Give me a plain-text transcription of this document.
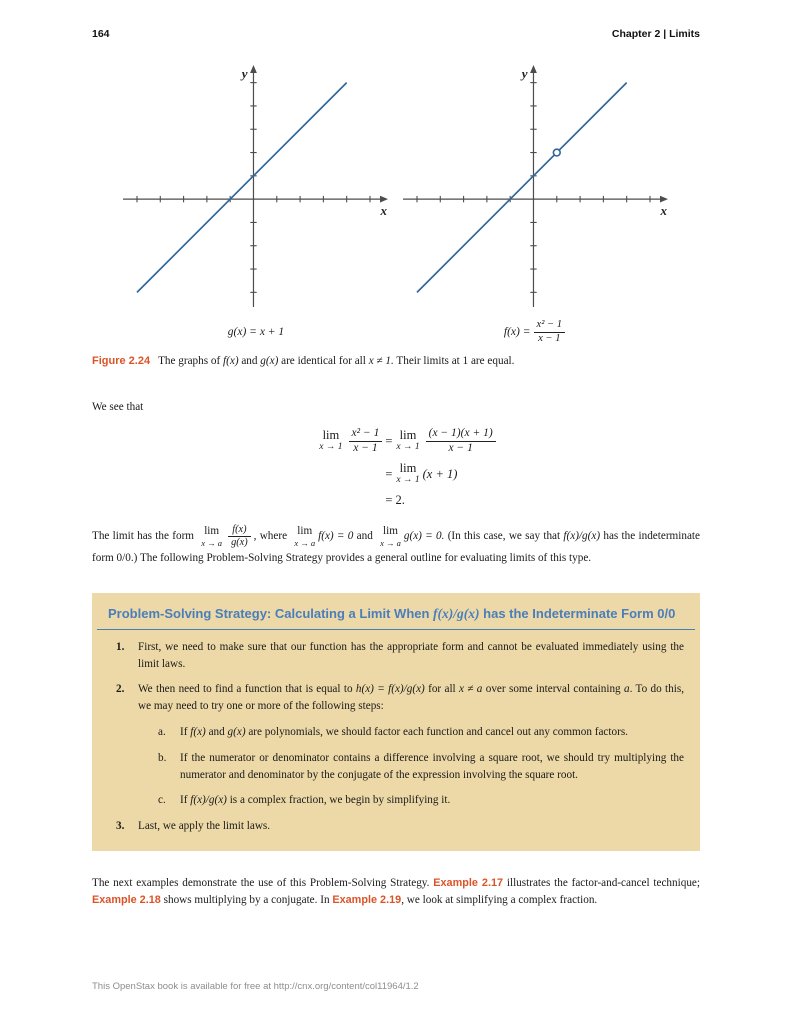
164	Chapter 2 | Limits
y
x
g(x) = x + 1
y
x
$f(x) = \frac{\text{x² − 1}}{x - 1}$
Figure 2.24 The graphs of f(x) and g(x) are identical for all x ≠ 1. Their limits at 1 are equal.

We see that

lim
$x \to 1 \frac{\text{x² − 1}}{x - 1} = \lim$
$x \to 1 \frac{(x - 1)(x + 1)}{x - 1}$
= lim
x → 1 (x + 1)
= 2.

The limit has the form lim
x → a $\frac{f(x)}{g(x)}$ , where lim
x → a
f(x) = 0 and lim
x → a
g(x) = 0. (In this case, we say that f(x)/g(x) has the indeterminate form 0/0.) The following Problem-Solving Strategy provides a general outline for evaluating limits of this type.

Problem-Solving Strategy: Calculating a Limit When f(x)/g(x) has the Indeterminate Form 0/0
1.	First, we need to make sure that our function has the appropriate form and cannot be evaluated immediately using the limit laws.
2.	We then need to find a function that is equal to h(x) = f(x)/g(x) for all x ≠ a over some interval containing a. To do this, we may need to try one or more of the following steps:
a.	If f(x) and g(x) are polynomials, we should factor each function and cancel out any common factors.
b.	If the numerator or denominator contains a difference involving a square root, we should try multiplying the numerator and denominator by the conjugate of the expression involving the square root.
c.	If f(x)/g(x) is a complex fraction, we begin by simplifying it.
3.	Last, we apply the limit laws.

The next examples demonstrate the use of this Problem-Solving Strategy. Example 2.17 illustrates the factor-and-cancel technique; Example 2.18 shows multiplying by a conjugate. In Example 2.19, we look at simplifying a complex fraction.

This OpenStax book is available for free at http://cnx.org/content/col11964/1.2
